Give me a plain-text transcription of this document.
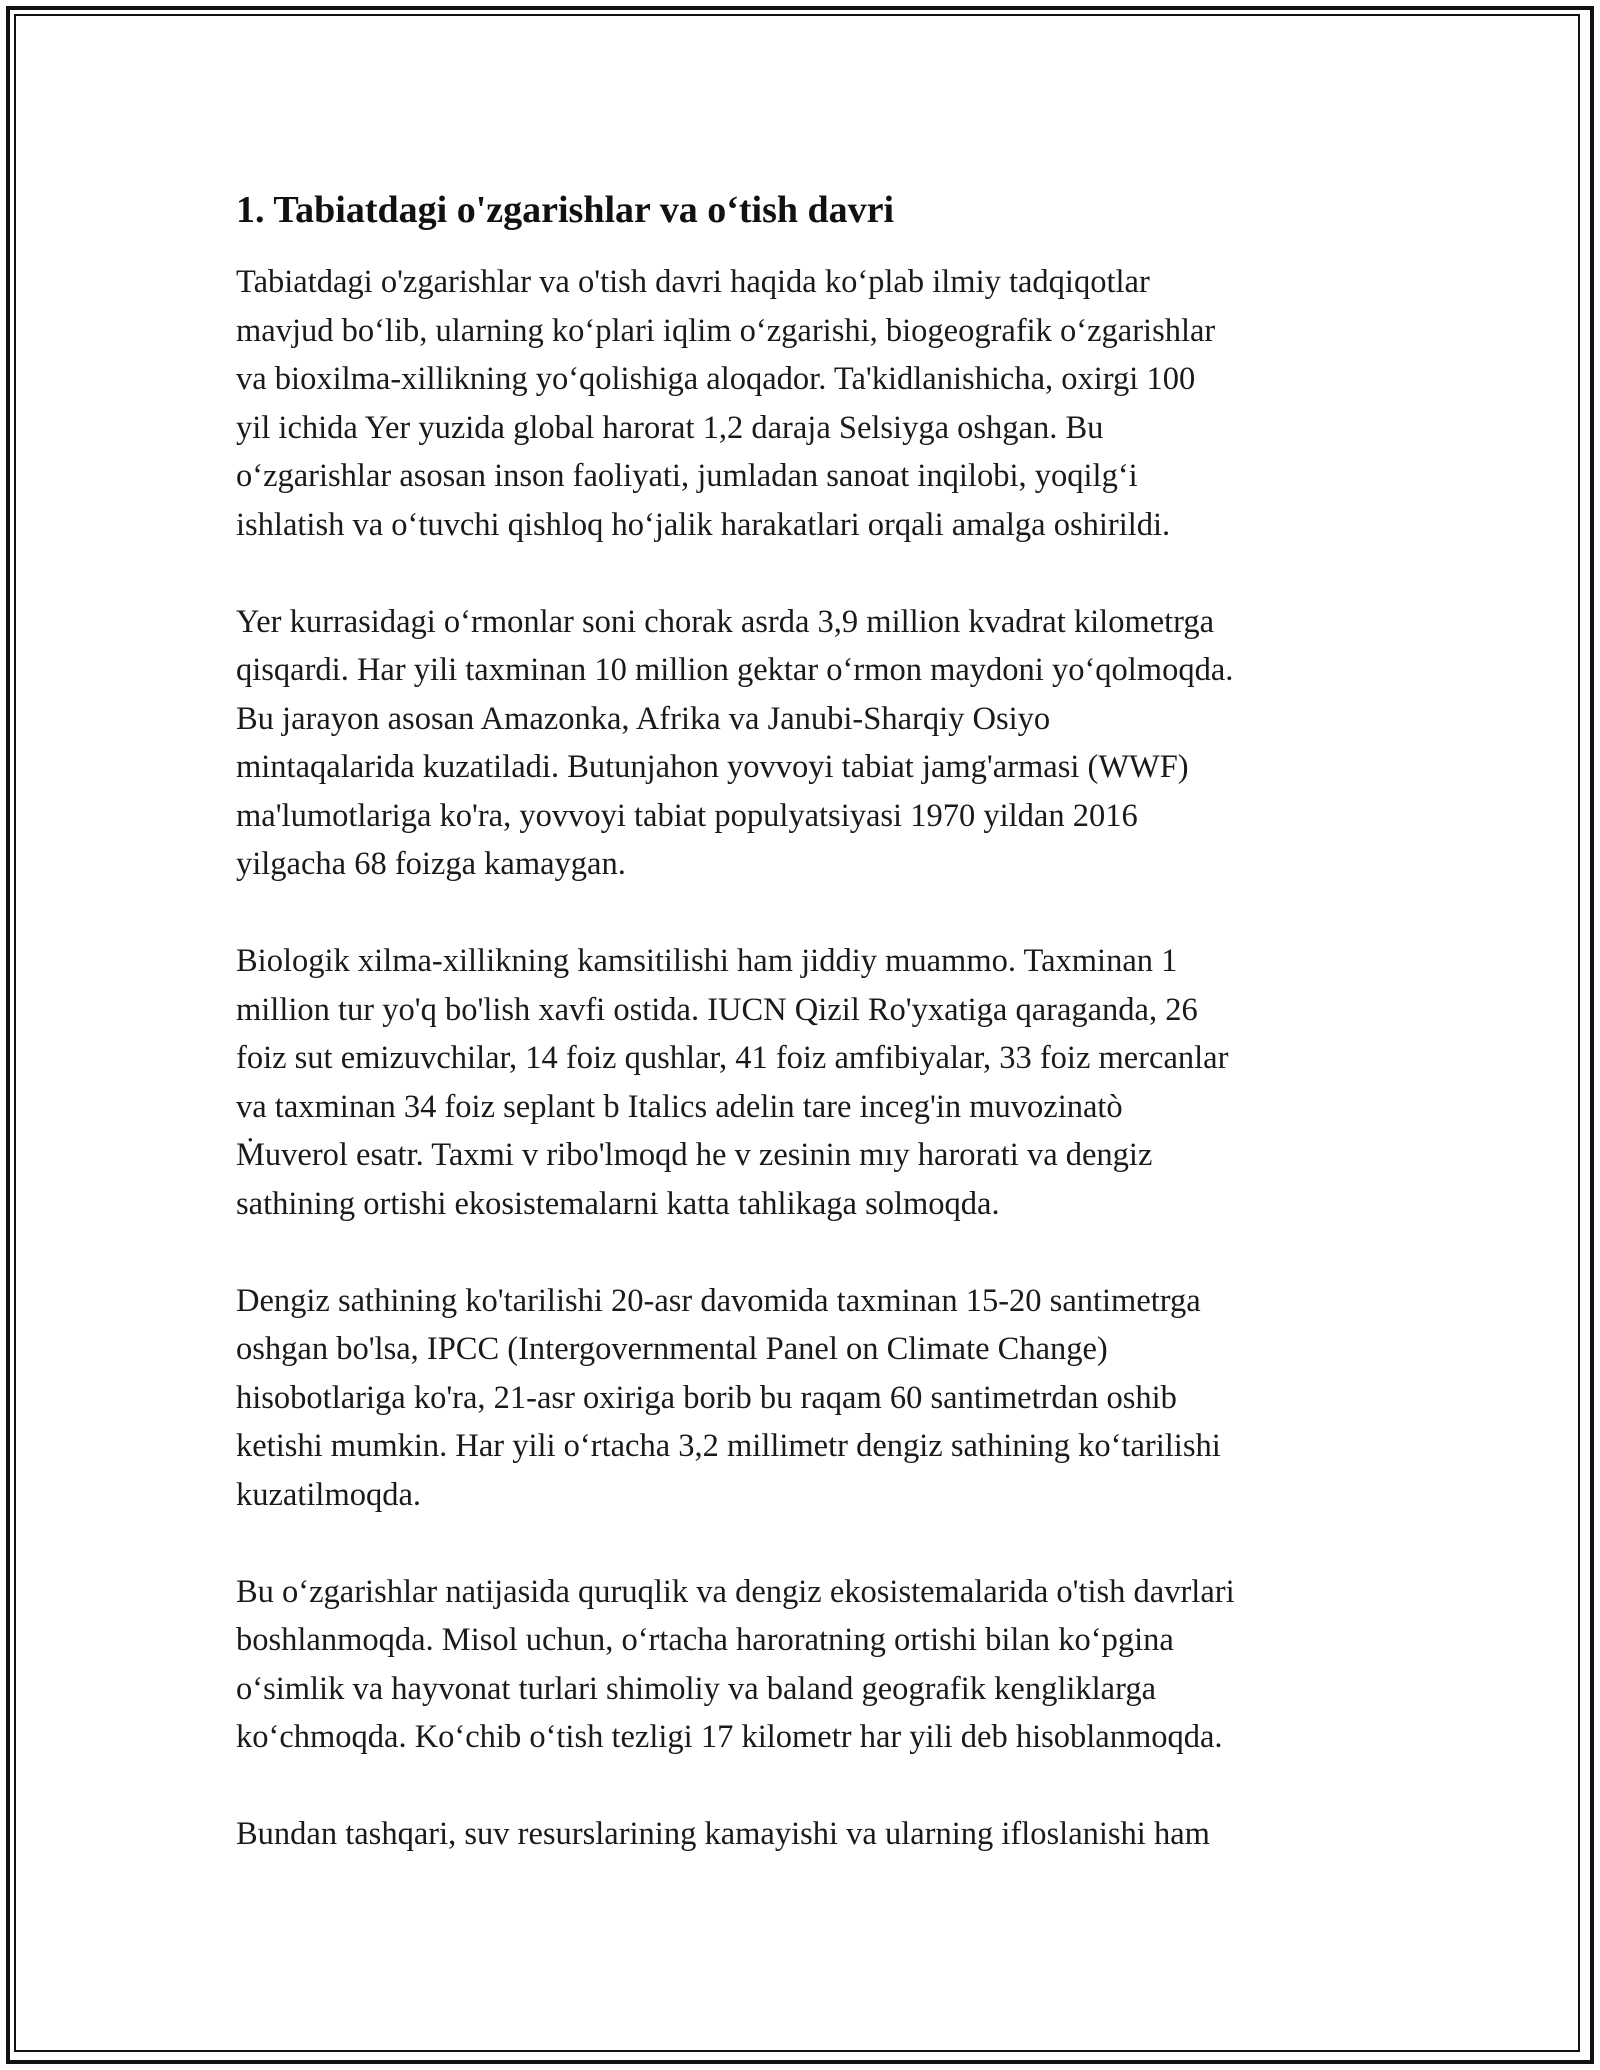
1. Tabiatdagi o'zgarishlar va o‘tish davri

Tabiatdagi o'zgarishlar va o'tish davri haqida ko‘plab ilmiy tadqiqotlar
mavjud bo‘lib, ularning ko‘plari iqlim o‘zgarishi, biogeografik o‘zgarishlar
va bioxilma-xillikning yo‘qolishiga aloqador. Ta'kidlanishicha, oxirgi 100
yil ichida Yer yuzida global harorat 1,2 daraja Selsiyga oshgan. Bu
o‘zgarishlar asosan inson faoliyati, jumladan sanoat inqilobi, yoqilg‘i
ishlatish va o‘tuvchi qishloq ho‘jalik harakatlari orqali amalga oshirildi.

Yer kurrasidagi o‘rmonlar soni chorak asrda 3,9 million kvadrat kilometrga
qisqardi. Har yili taxminan 10 million gektar o‘rmon maydoni yo‘qolmoqda.
Bu jarayon asosan Amazonka, Afrika va Janubi-Sharqiy Osiyo
mintaqalarida kuzatiladi. Butunjahon yovvoyi tabiat jamg'armasi (WWF)
ma'lumotlariga ko'ra, yovvoyi tabiat populyatsiyasi 1970 yildan 2016
yilgacha 68 foizga kamaygan.

Biologik xilma-xillikning kamsitilishi ham jiddiy muammo. Taxminan 1
million tur yo'q bo'lish xavfi ostida. IUCN Qizil Ro'yxatiga qaraganda, 26
foiz sut emizuvchilar, 14 foiz qushlar, 41 foiz amfibiyalar, 33 foiz mercanlar
va taxminan 34 foiz seplant b Italics adelin tare inceg'in muvozinatò
Ṁuverol esatr. Taxmi v ribo'lmoqd he v zesinin mıy harorati va dengiz
sathining ortishi ekosistemalarni katta tahlikaga solmoqda.

Dengiz sathining ko'tarilishi 20-asr davomida taxminan 15-20 santimetrga
oshgan bo'lsa, IPCC (Intergovernmental Panel on Climate Change)
hisobotlariga ko'ra, 21-asr oxiriga borib bu raqam 60 santimetrdan oshib
ketishi mumkin. Har yili o‘rtacha 3,2 millimetr dengiz sathining ko‘tarilishi
kuzatilmoqda.

Bu o‘zgarishlar natijasida quruqlik va dengiz ekosistemalarida o'tish davrlari
boshlanmoqda. Misol uchun, o‘rtacha haroratning ortishi bilan ko‘pgina
o‘simlik va hayvonat turlari shimoliy va baland geografik kengliklarga
ko‘chmoqda. Ko‘chib o‘tish tezligi 17 kilometr har yili deb hisoblanmoqda.

Bundan tashqari, suv resurslarining kamayishi va ularning ifloslanishi ham
